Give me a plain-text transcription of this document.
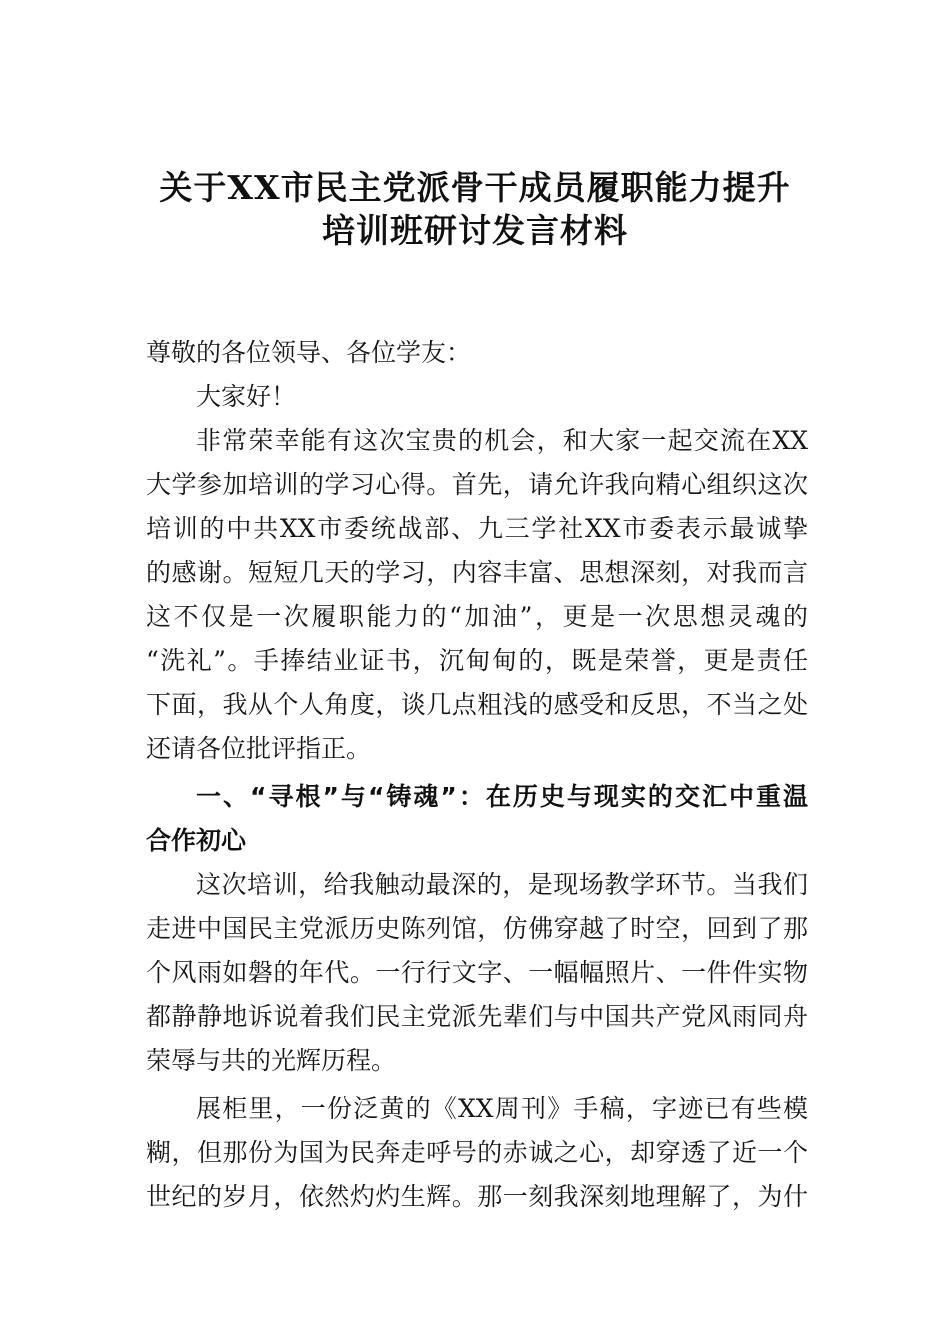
关于XX市民主党派骨干成员履职能力提升
培训班研讨发言材料
尊敬的各位领导、各位学友：
大家好！
非常荣幸能有这次宝贵的机会，和大家一起交流在XX
大学参加培训的学习心得。首先，请允许我向精心组织这次
培训的中共XX市委统战部、九三学社XX市委表示最诚挚
的感谢。短短几天的学习，内容丰富、思想深刻，对我而言
这不仅是一次履职能力的“加油”，更是一次思想灵魂的
“洗礼”。手捧结业证书，沉甸甸的，既是荣誉，更是责任
下面，我从个人角度，谈几点粗浅的感受和反思，不当之处
还请各位批评指正。
一、“寻根”与“铸魂”：在历史与现实的交汇中重温
合作初心
这次培训，给我触动最深的，是现场教学环节。当我们
走进中国民主党派历史陈列馆，仿佛穿越了时空，回到了那
个风雨如磐的年代。一行行文字、一幅幅照片、一件件实物
都静静地诉说着我们民主党派先辈们与中国共产党风雨同舟
荣辱与共的光辉历程。
展柜里，一份泛黄的《XX周刊》手稿，字迹已有些模
糊，但那份为国为民奔走呼号的赤诚之心，却穿透了近一个
世纪的岁月，依然灼灼生辉。那一刻我深刻地理解了，为什
